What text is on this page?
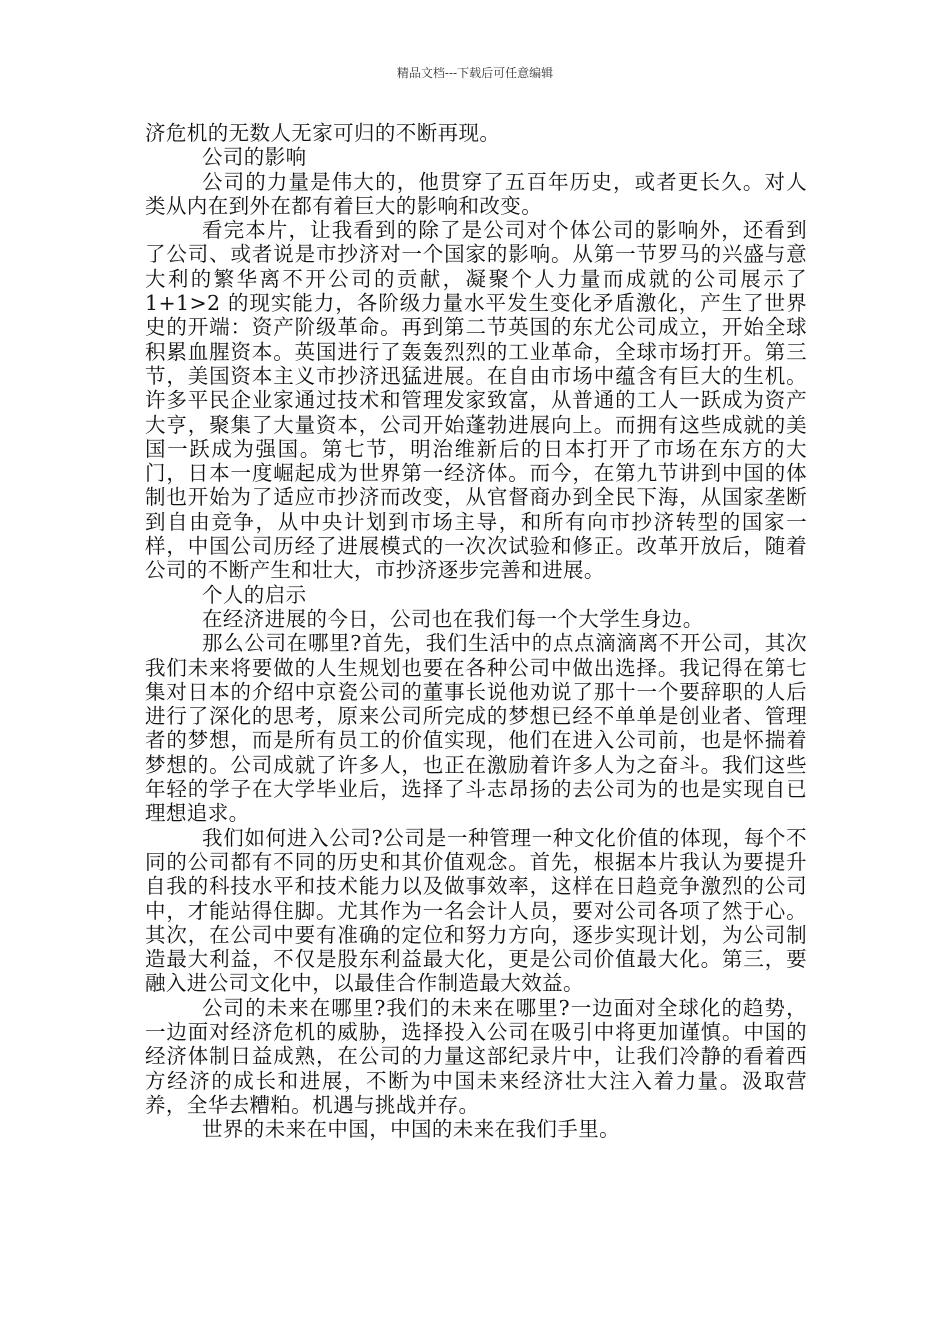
精品文档---下载后可任意编辑

济危机的无数人无家可归的不断再现。

公司的影响

公司的力量是伟大的，他贯穿了五百年历史，或者更长久。对人类从内在到外在都有着巨大的影响和改变。

看完本片，让我看到的除了是公司对个体公司的影响外，还看到了公司、或者说是市抄济对一个国家的影响。从第一节罗马的兴盛与意大利的繁华离不开公司的贡献，凝聚个人力量而成就的公司展示了 1+1>2 的现实能力，各阶级力量水平发生变化矛盾激化，产生了世界史的开端：资产阶级革命。再到第二节英国的东尤公司成立，开始全球积累血腥资本。英国进行了轰轰烈烈的工业革命，全球市场打开。第三节，美国资本主义市抄济迅猛进展。在自由市场中蕴含有巨大的生机。许多平民企业家通过技术和管理发家致富，从普通的工人一跃成为资产大亨，聚集了大量资本，公司开始蓬勃进展向上。而拥有这些成就的美国一跃成为强国。第七节，明治维新后的日本打开了市场在东方的大门，日本一度崛起成为世界第一经济体。而今，在第九节讲到中国的体制也开始为了适应市抄济而改变，从官督商办到全民下海，从国家垄断到自由竞争，从中央计划到市场主导，和所有向市抄济转型的国家一样，中国公司历经了进展模式的一次次试验和修正。改革开放后，随着公司的不断产生和壮大，市抄济逐步完善和进展。

个人的启示

在经济进展的今日，公司也在我们每一个大学生身边。

那么公司在哪里?首先，我们生活中的点点滴滴离不开公司，其次我们未来将要做的人生规划也要在各种公司中做出选择。我记得在第七集对日本的介绍中京瓷公司的董事长说他劝说了那十一个要辞职的人后进行了深化的思考，原来公司所完成的梦想已经不单单是创业者、管理者的梦想，而是所有员工的价值实现，他们在进入公司前，也是怀揣着梦想的。公司成就了许多人，也正在激励着许多人为之奋斗。我们这些年轻的学子在大学毕业后，选择了斗志昂扬的去公司为的也是实现自已理想追求。

我们如何进入公司?公司是一种管理一种文化价值的体现，每个不同的公司都有不同的历史和其价值观念。首先，根据本片我认为要提升自我的科技水平和技术能力以及做事效率，这样在日趋竞争激烈的公司中，才能站得住脚。尤其作为一名会计人员，要对公司各项了然于心。其次，在公司中要有准确的定位和努力方向，逐步实现计划，为公司制造最大利益，不仅是股东利益最大化，更是公司价值最大化。第三，要融入进公司文化中，以最佳合作制造最大效益。

公司的未来在哪里?我们的未来在哪里?一边面对全球化的趋势，一边面对经济危机的威胁，选择投入公司在吸引中将更加谨慎。中国的经济体制日益成熟，在公司的力量这部纪录片中，让我们冷静的看着西方经济的成长和进展，不断为中国未来经济壮大注入着力量。汲取营养，全华去糟粕。机遇与挑战并存。

世界的未来在中国，中国的未来在我们手里。
